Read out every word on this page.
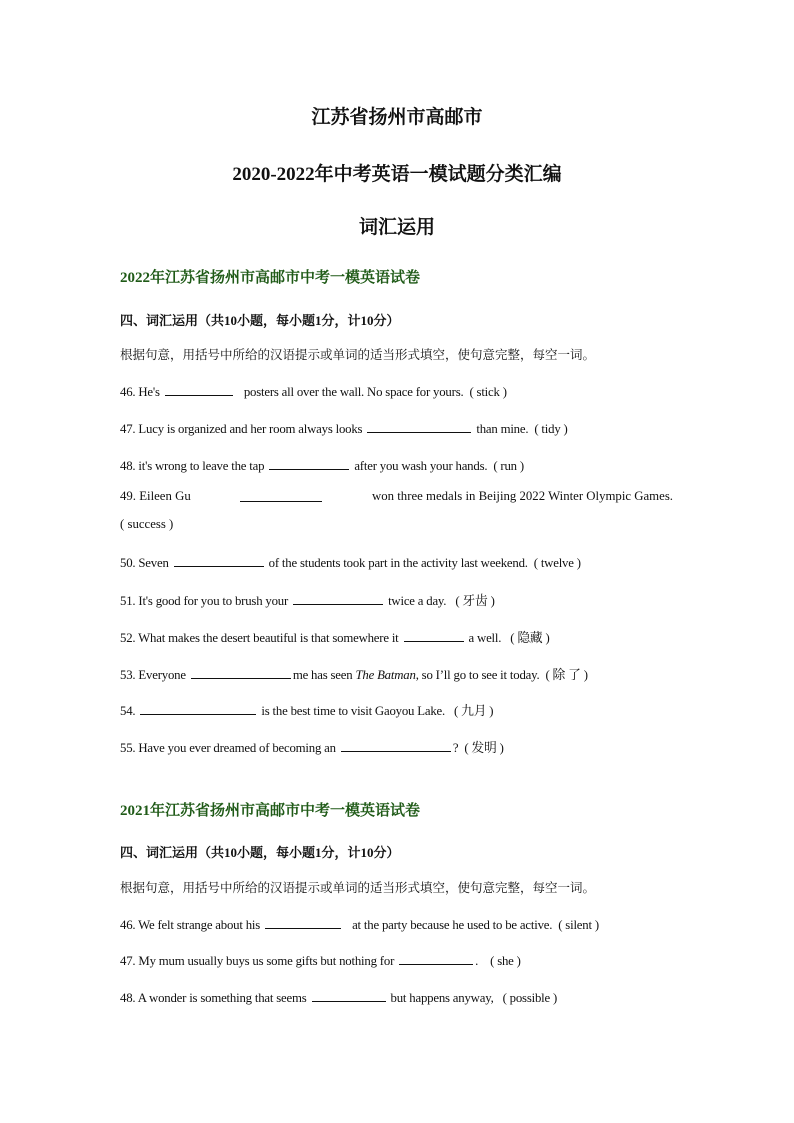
江苏省扬州市高邮市
2020-2022年中考英语一模试题分类汇编
词汇运用
2022年江苏省扬州市高邮市中考一模英语试卷
四、词汇运用（共10小题，每小题1分，计10分）
根据句意，用括号中所给的汉语提示或单词的适当形式填空，使句意完整，每空一词。
46. He's	posters all over the wall. No space for yours. ( stick )
47. Lucy is organized and her room always looks	than mine. ( tidy )
48. it's wrong to leave the tap	after you wash your hands. ( run )
49. Eileen Gu	won three medals in Beijing 2022 Winter Olympic Games.
( success )
50. Seven	of the students took part in the activity last weekend. ( twelve )
51. It's good for you to brush your	twice a day. ( 牙齿 )
52. What makes the desert beautiful is that somewhere it	a well. ( 隐藏 )
53. Everyone	me has seen The Batman, so I’ll go to see it today. ( 除 了 )
54.	is the best time to visit Gaoyou Lake. ( 九月 )
55. Have you ever dreamed of becoming an	? ( 发明 )
2021年江苏省扬州市高邮市中考一模英语试卷
四、词汇运用（共10小题，每小题1分，计10分）
根据句意，用括号中所给的汉语提示或单词的适当形式填空，使句意完整，每空一词。
46. We felt strange about his	at the party because he used to be active. ( silent )
47. My mum usually buys us some gifts but nothing for	. ( she )
48. A wonder is something that seems	but happens anyway, ( possible )
